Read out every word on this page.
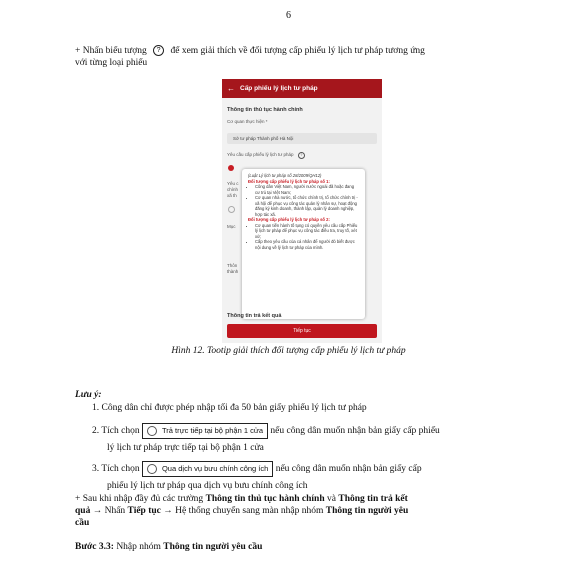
6
+ Nhấn biểu tượng ? để xem giải thích về đối tượng cấp phiếu lý lịch tư pháp tương ứng
với từng loại phiếu
← Cấp phiếu lý lịch tư pháp
Thông tin thủ tục hành chính
Cơ quan thực hiện *
Sở tư pháp Thành phố Hà Nội
Yêu cầu cấp phiếu lý lịch tư pháp ?
Yêu c
chính
xã th
Mục
Thôn
thành
(Luật Lý lịch tư pháp số 28/2009/QH12)
Đối tượng cấp phiếu lý lịch tư pháp số 1:
• Công dân Việt Nam, người nước ngoài đã hoặc đang cư trú tại Việt Nam;
• Cơ quan nhà nước, tổ chức chính trị, tổ chức chính trị - xã hội để phục vụ công tác quản lý nhân sự, hoạt động đăng ký kinh doanh, thành lập, quản lý doanh nghiệp, hợp tác xã.
Đối tượng cấp phiếu lý lịch tư pháp số 2:
• Cơ quan tiến hành tố tụng có quyền yêu cầu cấp Phiếu lý lịch tư pháp để phục vụ công tác điều tra, truy tố, xét xử;
• Cấp theo yêu cầu của cá nhân để người đó biết được nội dung về lý lịch tư pháp của mình.
Thông tin trả kết quả
Tiếp tục
Hình 12. Tootip giải thích đối tượng cấp phiếu lý lịch tư pháp
Lưu ý:
1. Công dân chỉ được phép nhập tối đa 50 bản giấy phiếu lý lịch tư pháp
2. Tích chọn	Trả trực tiếp tại bộ phận 1 cửa nếu công dân muốn nhận bản giấy cấp phiếu
lý lịch tư pháp trực tiếp tại bộ phận 1 cửa
3. Tích chọn	Qua dịch vụ bưu chính công ích nếu công dân muốn nhận bản giấy cấp
phiếu lý lịch tư pháp qua dịch vụ bưu chính công ích
+ Sau khi nhập đầy đủ các trường Thông tin thủ tục hành chính và Thông tin trả kết
quả → Nhấn Tiếp tục → Hệ thống chuyển sang màn nhập nhóm Thông tin người yêu
cầu
Bước 3.3: Nhập nhóm Thông tin người yêu cầu
